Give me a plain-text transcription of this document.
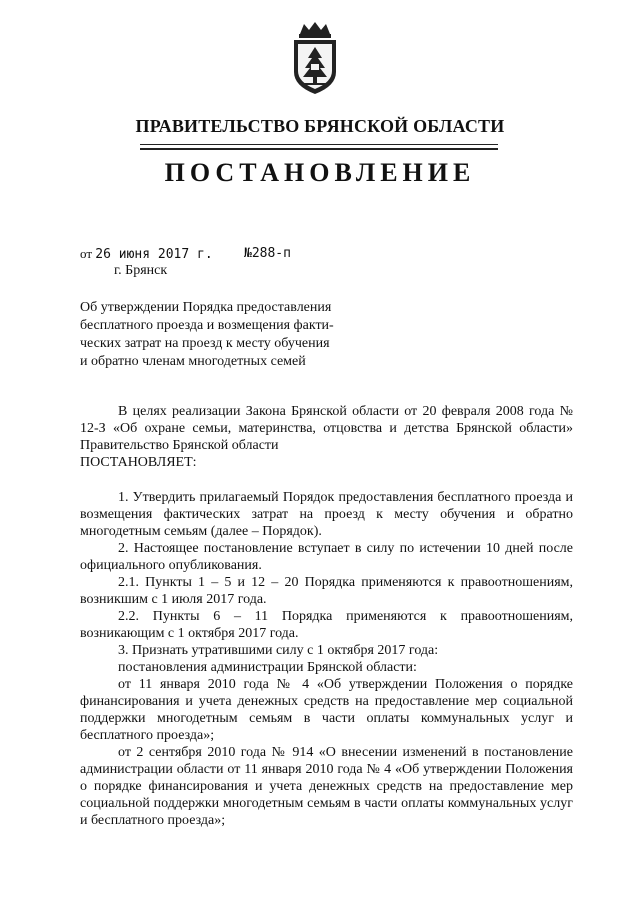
ПРАВИТЕЛЬСТВО БРЯНСКОЙ ОБЛАСТИ
ПОСТАНОВЛЕНИЕ
от 26 июня 2017 г. №288-п
г. Брянск
Об утверждении Порядка предоставления
бесплатного проезда и возмещения факти-
ческих затрат на проезд к месту обучения
и обратно членам многодетных семей

В целях реализации Закона Брянской области от 20 февраля 2008 года № 12-З «Об охране семьи, материнства, отцовства и детства Брянской области» Правительство Брянской области

ПОСТАНОВЛЯЕТ:

1. Утвердить прилагаемый Порядок предоставления бесплатного проезда и возмещения фактических затрат на проезд к месту обучения и обратно многодетным семьям (далее – Порядок).

2. Настоящее постановление вступает в силу по истечении 10 дней после официального опубликования.

2.1. Пункты 1 – 5 и 12 – 20 Порядка применяются к правоотношениям, возникшим с 1 июля 2017 года.

2.2. Пункты 6 – 11 Порядка применяются к правоотношениям, возникающим с 1 октября 2017 года.

3. Признать утратившими силу с 1 октября 2017 года:

постановления администрации Брянской области:

от 11 января 2010 года № 4 «Об утверждении Положения о порядке финансирования и учета денежных средств на предоставление мер социальной поддержки многодетным семьям в части оплаты коммунальных услуг и бесплатного проезда»;

от 2 сентября 2010 года № 914 «О внесении изменений в постановление администрации области от 11 января 2010 года № 4 «Об утверждении Положения о порядке финансирования и учета денежных средств на предоставление мер социальной поддержки многодетным семьям в части оплаты коммунальных услуг и бесплатного проезда»;
